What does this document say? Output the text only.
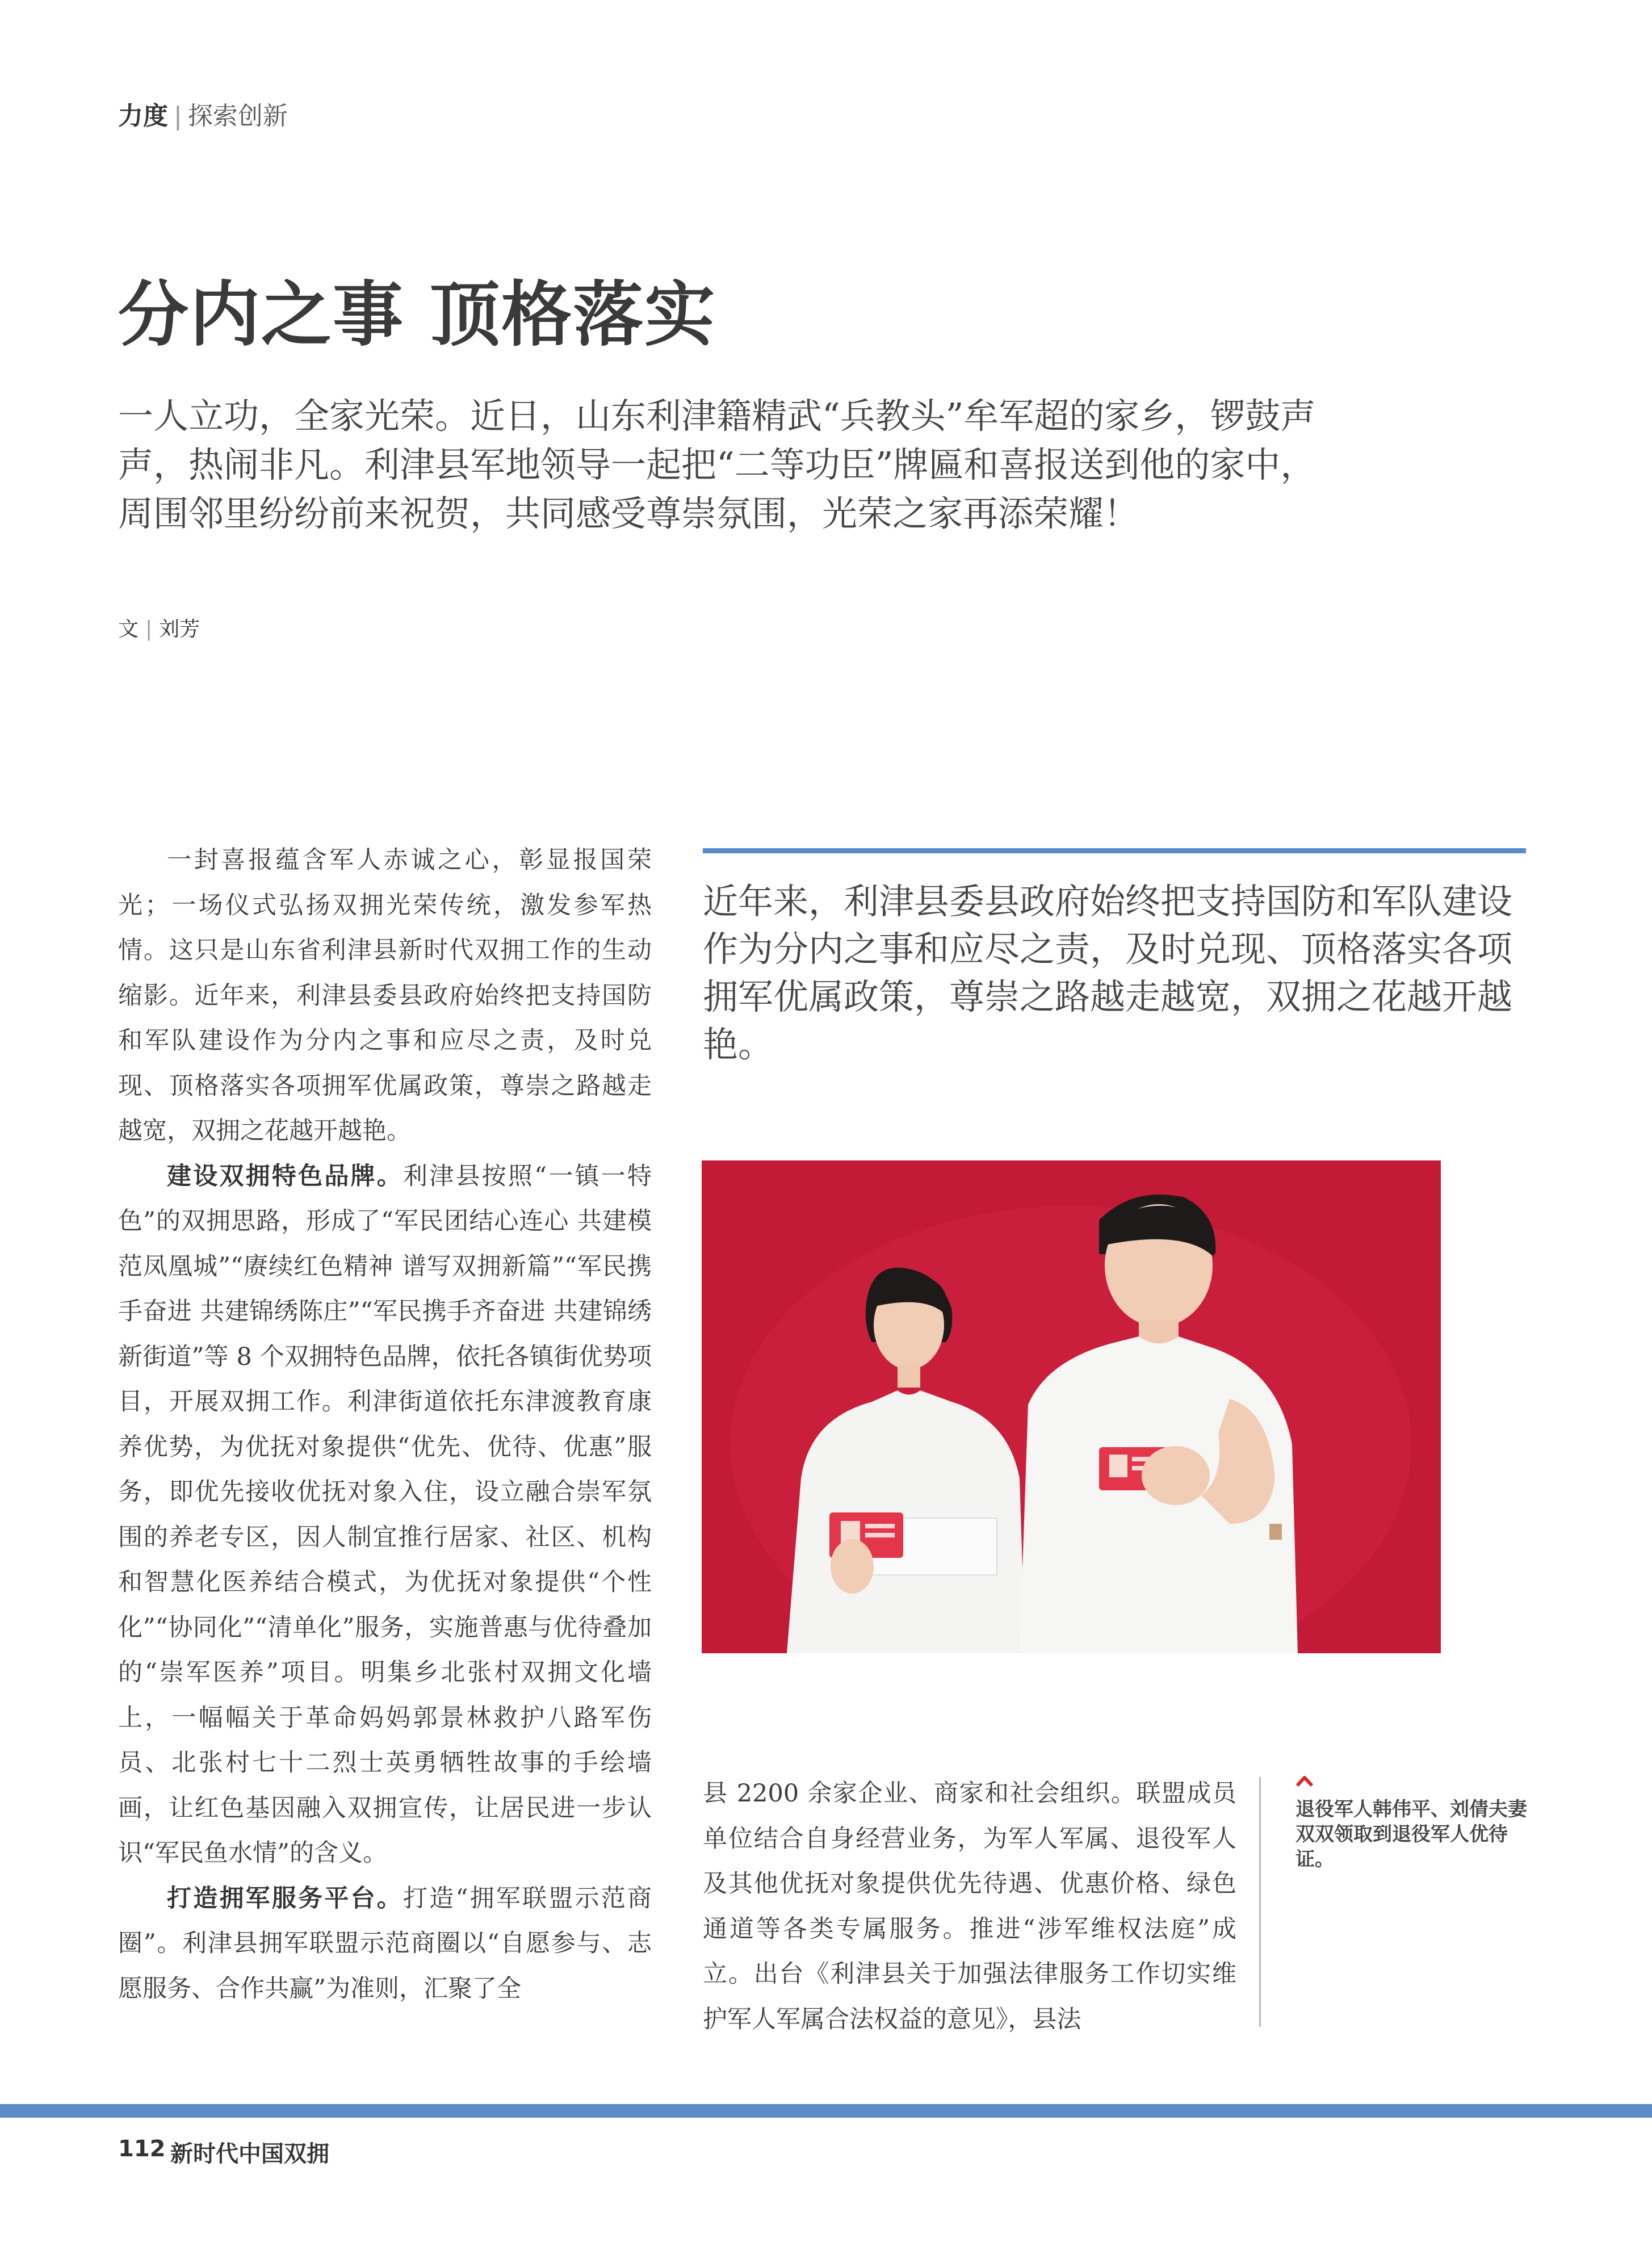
力度 | 探索创新
分内之事 顶格落实

一人立功，全家光荣。近日，山东利津籍精武“兵教头”牟军超的家乡，锣鼓声声，热闹非凡。利津县军地领导一起把“二等功臣”牌匾和喜报送到他的家中，周围邻里纷纷前来祝贺，共同感受尊崇氛围，光荣之家再添荣耀！

文 | 刘芳

一封喜报蕴含军人赤诚之心，彰显报国荣光；一场仪式弘扬双拥光荣传统，激发参军热情。这只是山东省利津县新时代双拥工作的生动缩影。近年来，利津县委县政府始终把支持国防和军队建设作为分内之事和应尽之责，及时兑现、顶格落实各项拥军优属政策，尊崇之路越走越宽，双拥之花越开越艳。

建设双拥特色品牌。利津县按照“一镇一特色”的双拥思路，形成了“军民团结心连心 共建模范凤凰城”“赓续红色精神 谱写双拥新篇”“军民携手奋进 共建锦绣陈庄”“军民携手齐奋进 共建锦绣新街道”等 8 个双拥特色品牌，依托各镇街优势项目，开展双拥工作。利津街道依托东津渡教育康养优势，为优抚对象提供“优先、优待、优惠”服务，即优先接收优抚对象入住，设立融合崇军氛围的养老专区，因人制宜推行居家、社区、机构和智慧化医养结合模式，为优抚对象提供“个性化”“协同化”“清单化”服务，实施普惠与优待叠加的“崇军医养”项目。明集乡北张村双拥文化墙上，一幅幅关于革命妈妈郭景林救护八路军伤员、北张村七十二烈士英勇牺牲故事的手绘墙画，让红色基因融入双拥宣传，让居民进一步认识“军民鱼水情”的含义。

打造拥军服务平台。打造“拥军联盟示范商圈”。利津县拥军联盟示范商圈以“自愿参与、志愿服务、合作共赢”为准则，汇聚了全

近年来，利津县委县政府始终把支持国防和军队建设作为分内之事和应尽之责，及时兑现、顶格落实各项拥军优属政策，尊崇之路越走越宽，双拥之花越开越艳。

县 2200 余家企业、商家和社会组织。联盟成员单位结合自身经营业务，为军人军属、退役军人及其他优抚对象提供优先待遇、优惠价格、绿色通道等各类专属服务。推进“涉军维权法庭”成立。出台《利津县关于加强法律服务工作切实维护军人军属合法权益的意见》，县法

退役军人韩伟平、刘倩夫妻双双领取到退役军人优待证。
112 新时代中国双拥
